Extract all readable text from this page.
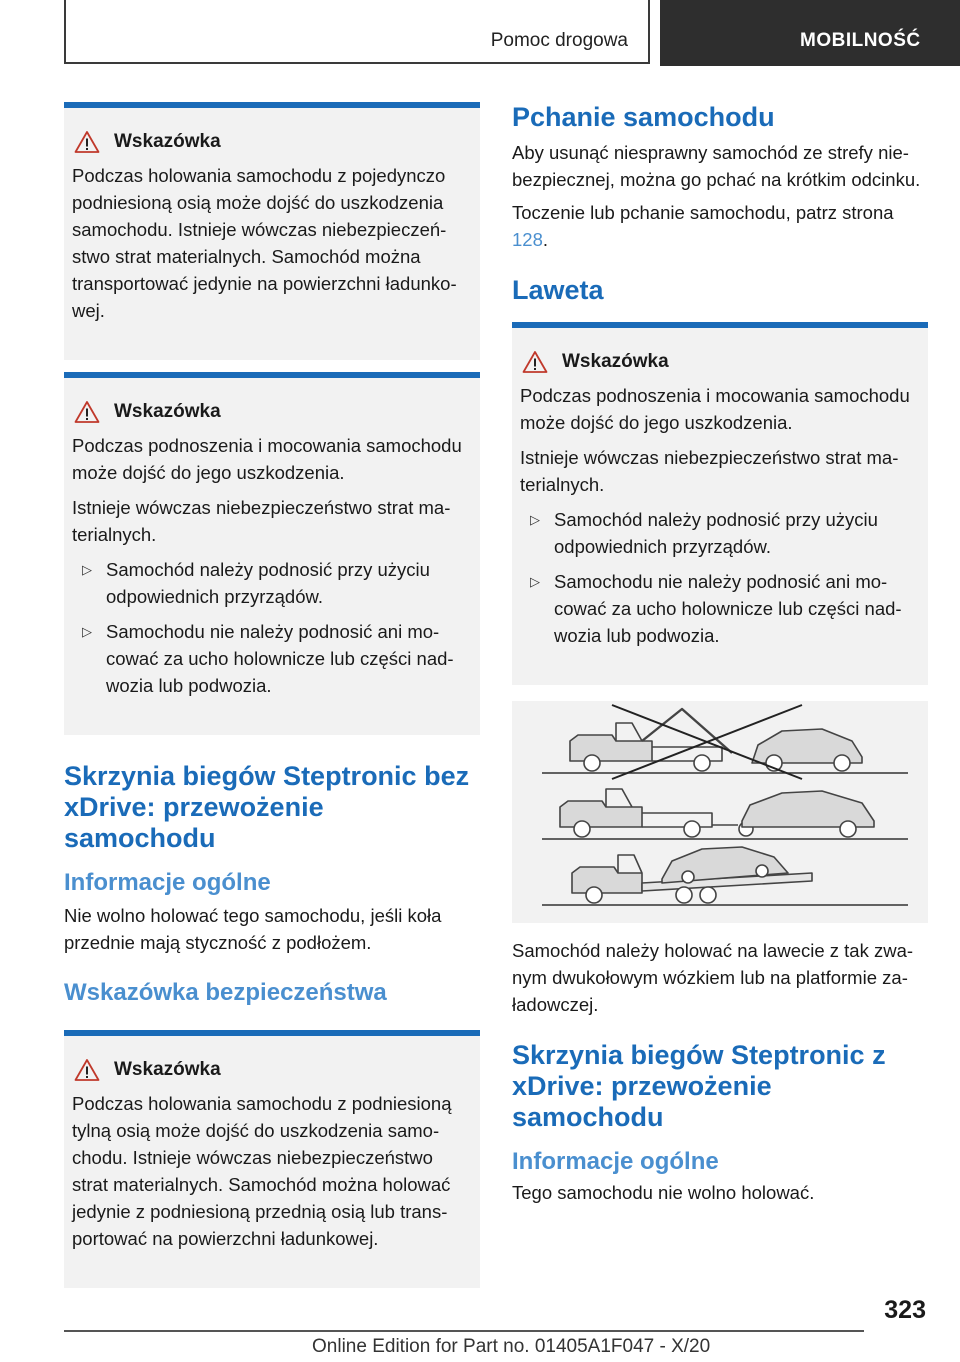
Pomoc drogowa	MOBILNOŚĆ
Wskazówka

Podczas holowania samochodu z pojedynczo podniesioną osią może dojść do uszkodzenia samochodu. Istnieje wówczas niebezpieczeństwo strat materialnych. Samochód można transportować jedynie na powierzchni ładunkowej.

Wskazówka

Podczas podnoszenia i mocowania samochodu może dojść do jego uszkodzenia.

Istnieje wówczas niebezpieczeństwo strat materialnych.

▷ Samochód należy podnosić przy użyciu odpowiednich przyrządów.
▷ Samochodu nie należy podnosić ani mocować za ucho holownicze lub części nadwozia lub podwozia.
Skrzynia biegów Steptronic bez xDrive: przewożenie samochodu
Informacje ogólne

Nie wolno holować tego samochodu, jeśli koła przednie mają styczność z podłożem.

Wskazówka bezpieczeństwa
Wskazówka

Podczas holowania samochodu z podniesioną tylną osią może dojść do uszkodzenia samochodu. Istnieje wówczas niebezpieczeństwo strat materialnych. Samochód można holować jedynie z podniesioną przednią osią lub transportować na powierzchni ładunkowej.

Pchanie samochodu

Aby usunąć niesprawny samochód ze strefy niebezpiecznej, można go pchać na krótkim odcinku.

Toczenie lub pchanie samochodu, patrz strona 128.

Laweta
Wskazówka

Podczas podnoszenia i mocowania samochodu może dojść do jego uszkodzenia.

Istnieje wówczas niebezpieczeństwo strat materialnych.

▷ Samochód należy podnosić przy użyciu odpowiednich przyrządów.
▷ Samochodu nie należy podnosić ani mocować za ucho holownicze lub części nadwozia lub podwozia.

Samochód należy holować na lawecie z tak zwanym dwukołowym wózkiem lub na platformie załadowczej.

Skrzynia biegów Steptronic z xDrive: przewożenie samochodu
Informacje ogólne

Tego samochodu nie wolno holować.

323
Online Edition for Part no. 01405A1F047 - X/20
